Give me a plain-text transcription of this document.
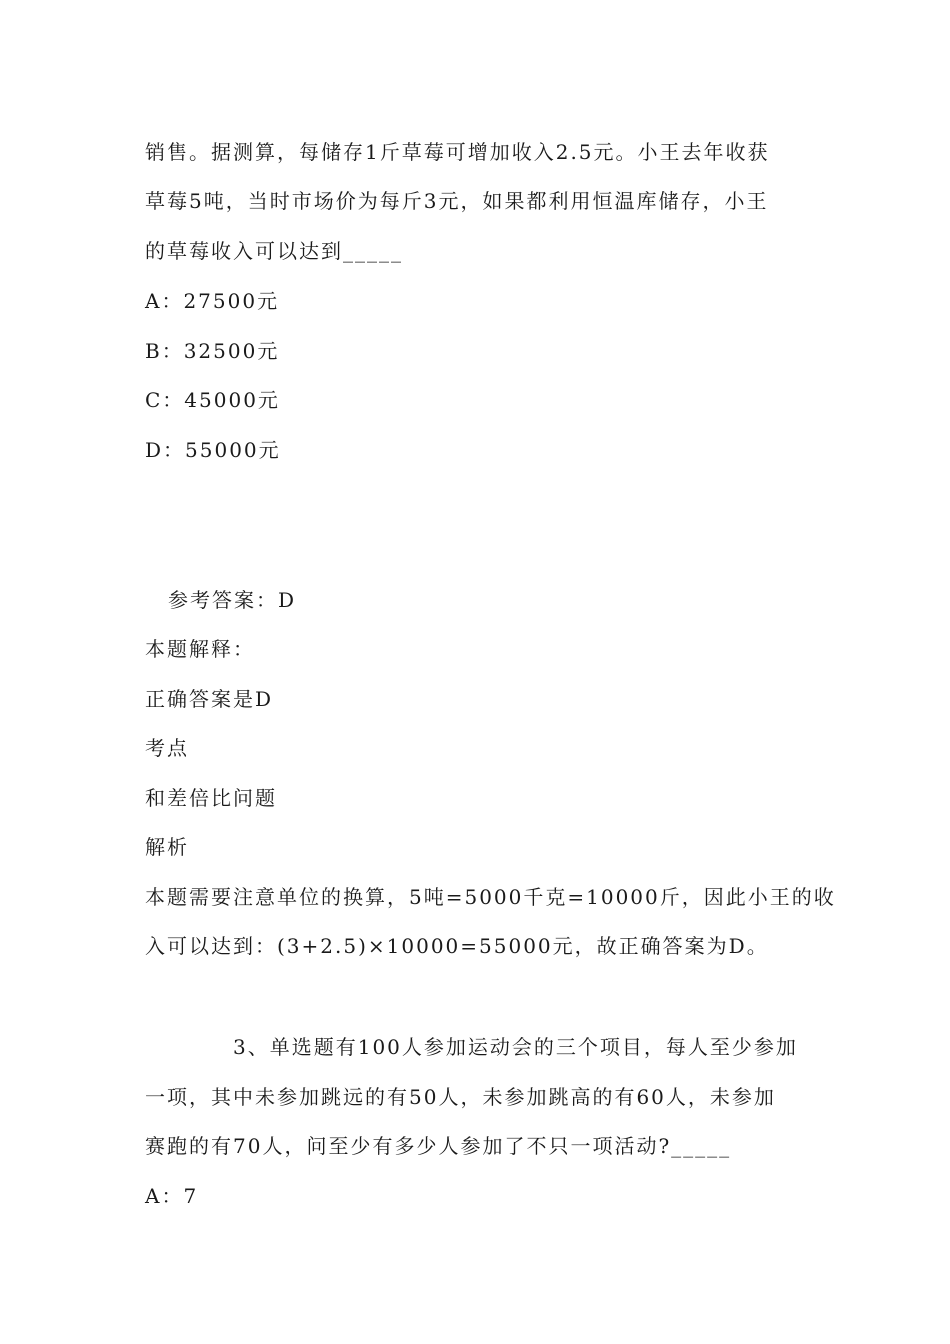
销售。据测算，每储存1斤草莓可增加收入2.5元。小王去年收获
草莓5吨，当时市场价为每斤3元，如果都利用恒温库储存，小王
的草莓收入可以达到_____
A：27500元
B：32500元
C：45000元
D：55000元
参考答案：D
本题解释：
正确答案是D
考点
和差倍比问题
解析
本题需要注意单位的换算，5吨=5000千克=10000斤，因此小王的收
入可以达到：(3+2.5)×10000=55000元，故正确答案为D。
3、单选题有100人参加运动会的三个项目，每人至少参加
一项，其中未参加跳远的有50人，未参加跳高的有60人，未参加
赛跑的有70人，问至少有多少人参加了不只一项活动?_____
A：7
